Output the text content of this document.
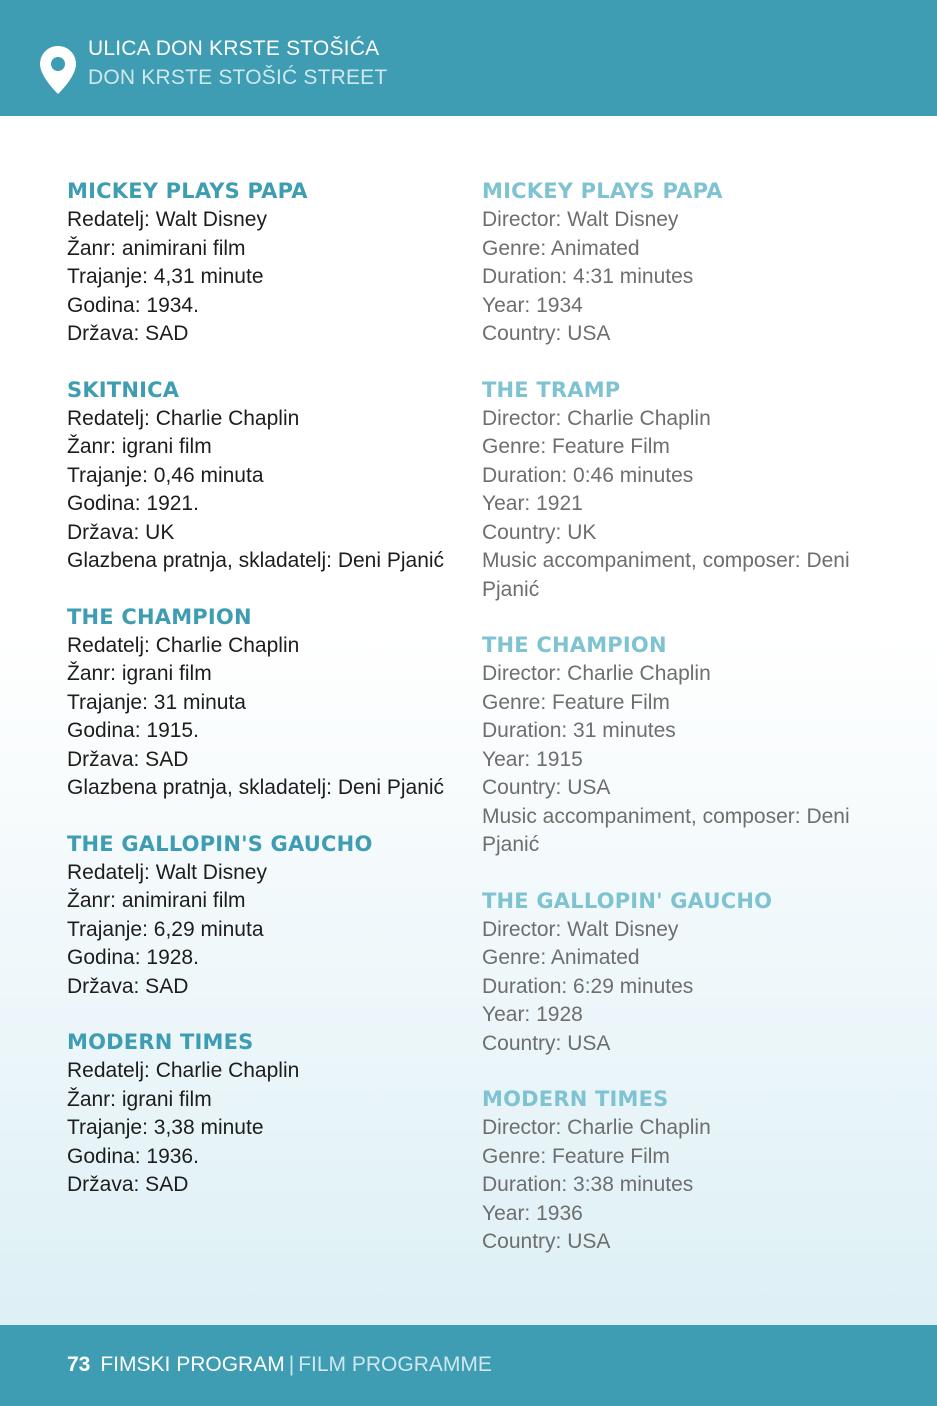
ULICA DON KRSTE STOŠIĆA
DON KRSTE STOŠIĆ STREET
MICKEY PLAYS PAPA
Redatelj: Walt Disney
Žanr: animirani film
Trajanje: 4,31 minute
Godina: 1934.
Država: SAD
SKITNICA
Redatelj: Charlie Chaplin
Žanr: igrani film
Trajanje: 0,46 minuta
Godina: 1921.
Država: UK
Glazbena pratnja, skladatelj: Deni Pjanić
THE CHAMPION
Redatelj: Charlie Chaplin
Žanr: igrani film
Trajanje: 31 minuta
Godina: 1915.
Država: SAD
Glazbena pratnja, skladatelj: Deni Pjanić
THE GALLOPIN'S GAUCHO
Redatelj: Walt Disney
Žanr: animirani film
Trajanje: 6,29 minuta
Godina: 1928.
Država: SAD
MODERN TIMES
Redatelj: Charlie Chaplin
Žanr: igrani film
Trajanje: 3,38 minute
Godina: 1936.
Država: SAD
MICKEY PLAYS PAPA
Director: Walt Disney
Genre: Animated
Duration: 4:31 minutes
Year: 1934
Country: USA
THE TRAMP
Director: Charlie Chaplin
Genre: Feature Film
Duration: 0:46 minutes
Year: 1921
Country: UK
Music accompaniment, composer: Deni Pjanić
THE CHAMPION
Director: Charlie Chaplin
Genre: Feature Film
Duration: 31 minutes
Year: 1915
Country: USA
Music accompaniment, composer: Deni Pjanić
THE GALLOPIN' GAUCHO
Director: Walt Disney
Genre: Animated
Duration: 6:29 minutes
Year: 1928
Country: USA
MODERN TIMES
Director: Charlie Chaplin
Genre: Feature Film
Duration: 3:38 minutes
Year: 1936
Country: USA
73 FIMSKI PROGRAM | FILM PROGRAMME
